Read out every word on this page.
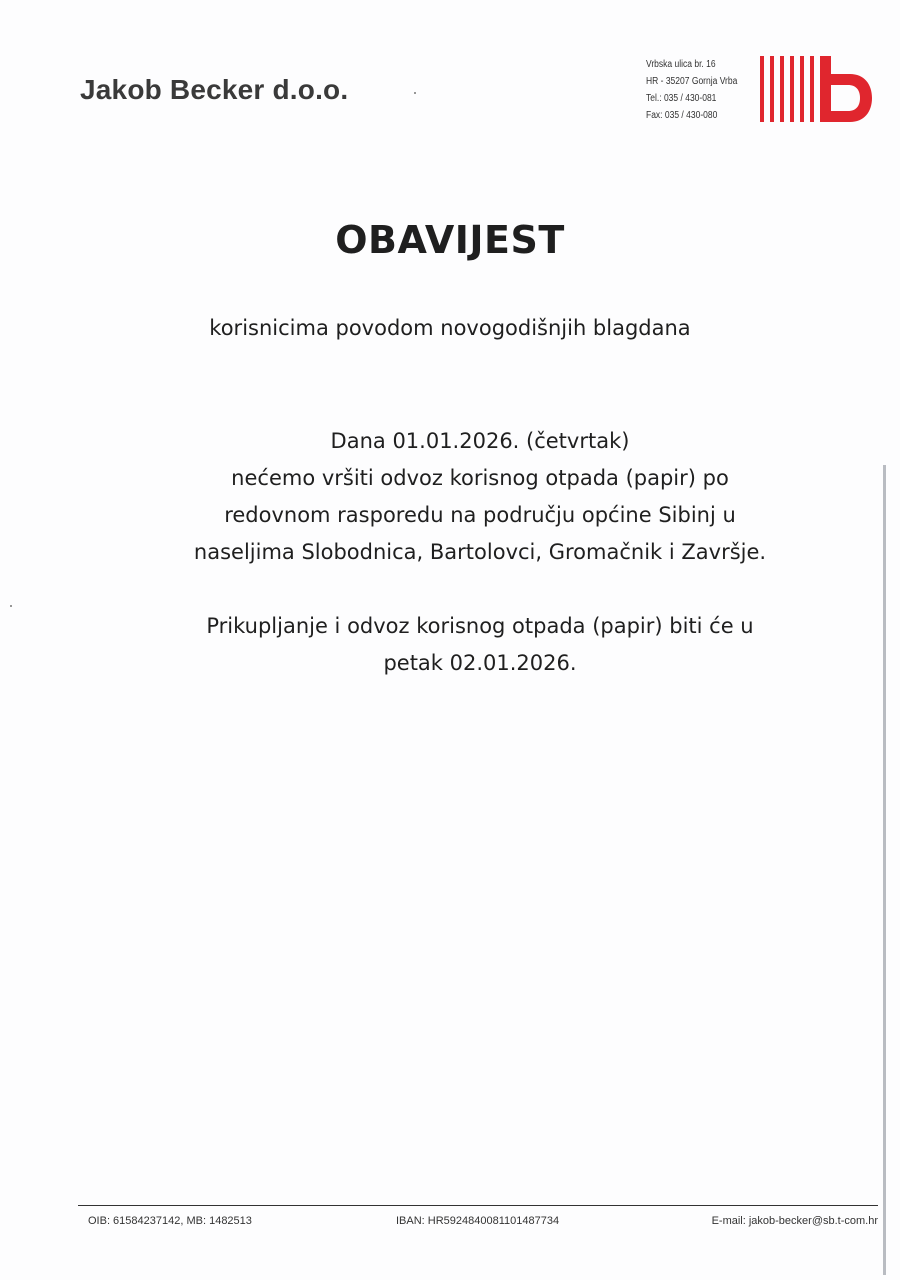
Jakob Becker d.o.o.
Vrbska ulica br. 16
HR - 35207 Gornja Vrba
Tel.: 035 / 430-081
Fax: 035 / 430-080
OBAVIJEST
korisnicima povodom novogodišnjih blagdana
Dana 01.01.2026. (četvrtak)
nećemo vršiti odvoz korisnog otpada (papir) po
redovnom rasporedu na području općine Sibinj u
naseljima Slobodnica, Bartolovci, Gromačnik i Završje.
Prikupljanje i odvoz korisnog otpada (papir) biti će u
petak 02.01.2026.
OIB: 61584237142, MB: 1482513	IBAN: HR5924840081101487734	E-mail: jakob-becker@sb.t-com.hr
